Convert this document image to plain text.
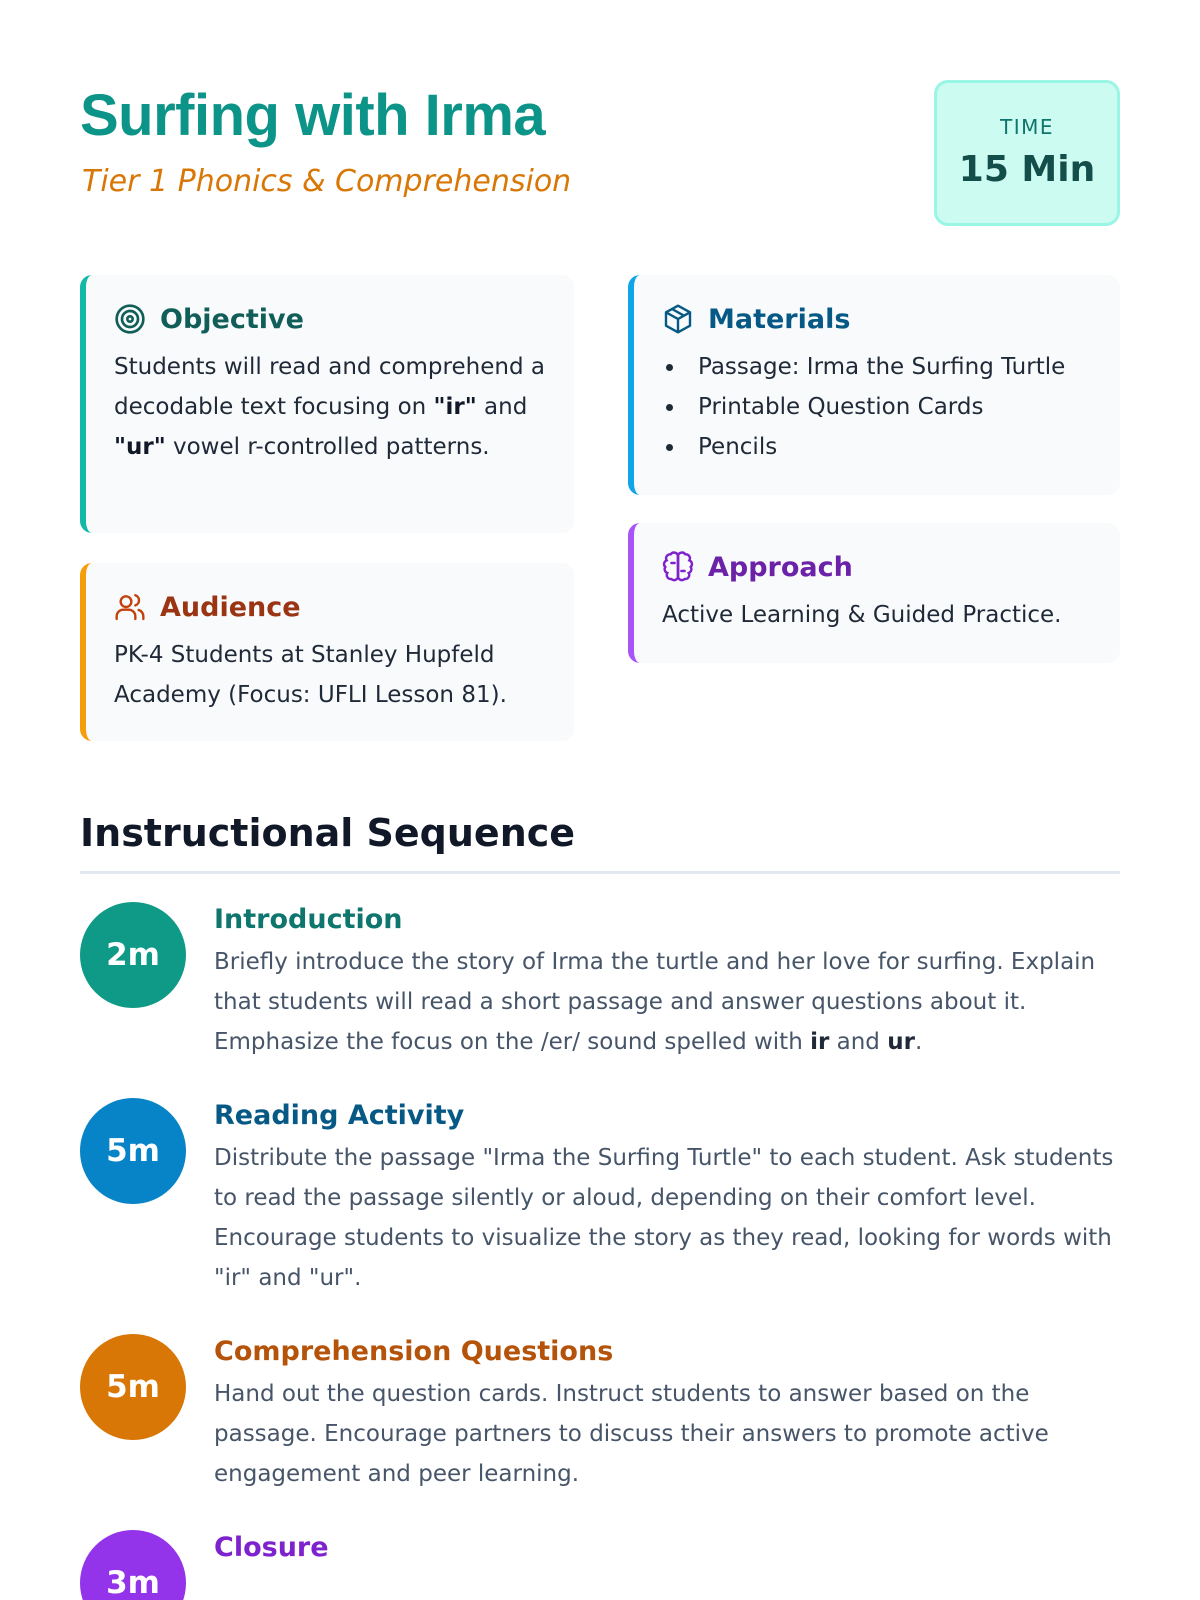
Surfing with Irma
Tier 1 Phonics & Comprehension
TIME
15 Min
Objective

Students will read and comprehend a decodable text focusing on "ir" and "ur" vowel r-controlled patterns.

Audience

PK-4 Students at Stanley Hupfeld Academy (Focus: UFLI Lesson 81).

Materials
Passage: Irma the Surfing Turtle
Printable Question Cards
Pencils
Approach

Active Learning & Guided Practice.

Instructional Sequence
2m
Introduction

Briefly introduce the story of Irma the turtle and her love for surfing. Explain that students will read a short passage and answer questions about it. Emphasize the focus on the /er/ sound spelled with ir and ur.

5m
Reading Activity

Distribute the passage "Irma the Surfing Turtle" to each student. Ask students to read the passage silently or aloud, depending on their comfort level. Encourage students to visualize the story as they read, looking for words with "ir" and "ur".

5m
Comprehension Questions

Hand out the question cards. Instruct students to answer based on the passage. Encourage partners to discuss their answers to promote active engagement and peer learning.

3m
Closure
